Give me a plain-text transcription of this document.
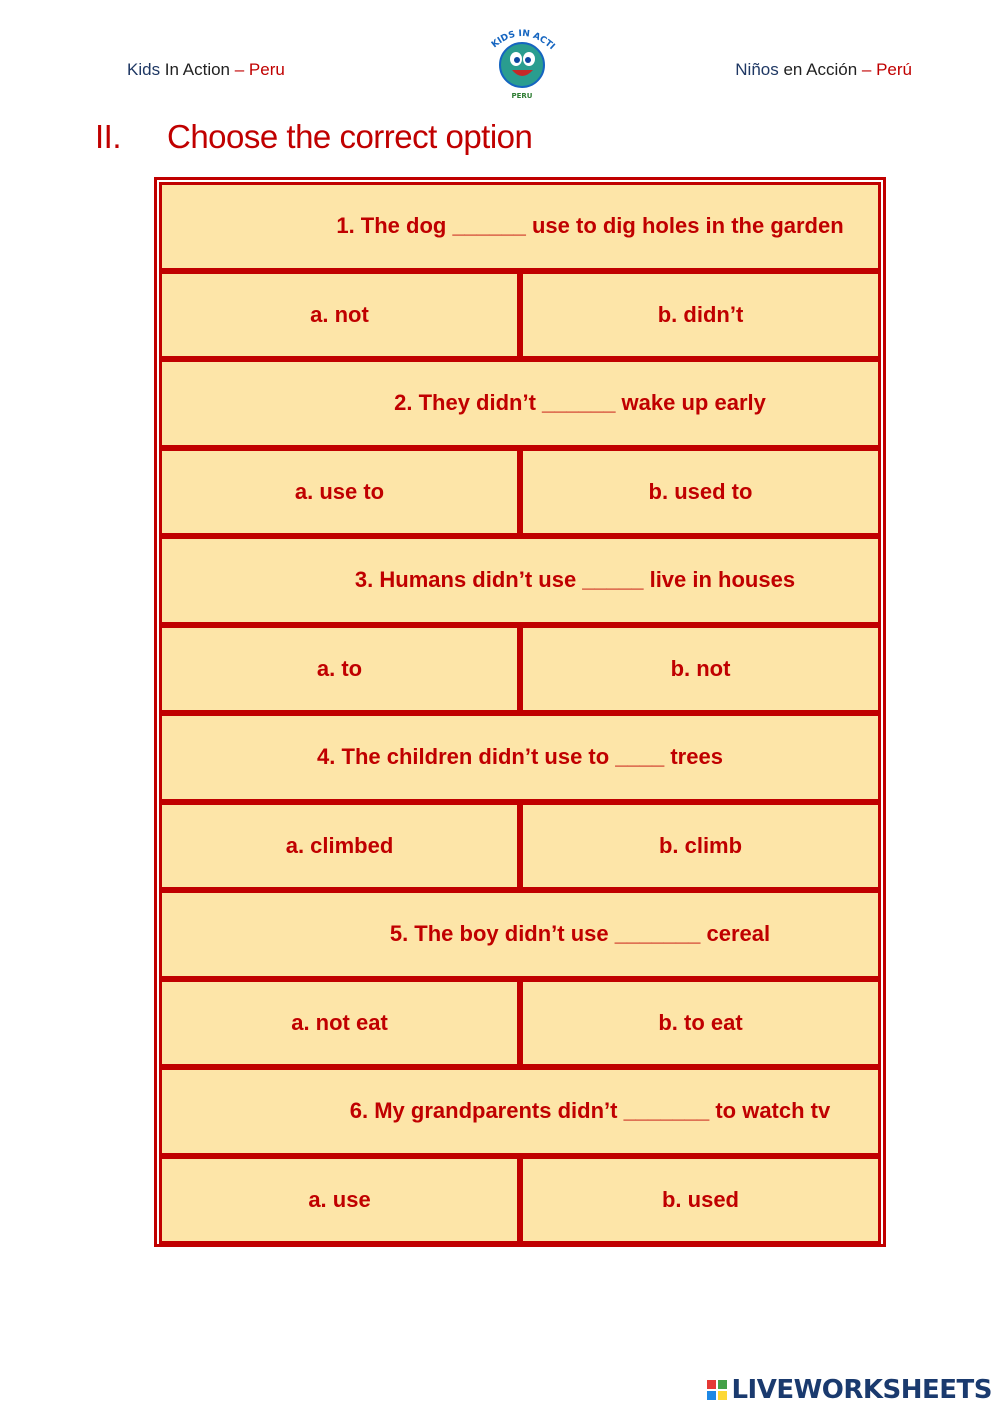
Kids In Action – Peru
KIDS IN ACTI
PERU
Niños en Acción – Perú
II. Choose the correct option
1. The dog ______ use to dig holes in the garden
a. not	b. didn’t
2. They didn’t ______ wake up early
a. use to	b. used to
3. Humans didn’t use _____ live in houses
a. to	b. not
4. The children didn’t use to ____ trees
a. climbed	b. climb
5. The boy didn’t use _______ cereal
a. not eat	b. to eat
6. My grandparents didn’t _______ to watch tv
a. use	b. used
LIVEWORKSHEETS
